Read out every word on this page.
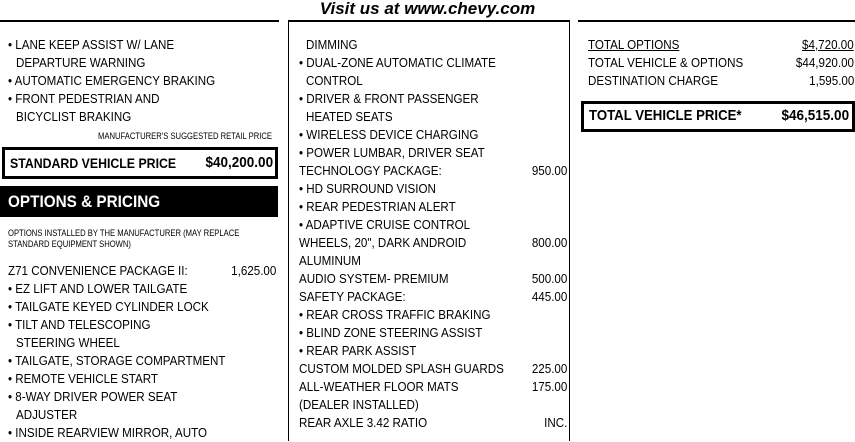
Visit us at www.chevy.com
• LANE KEEP ASSIST W/ LANE
DEPARTURE WARNING
• AUTOMATIC EMERGENCY BRAKING
• FRONT PEDESTRIAN AND
BICYCLIST BRAKING
MANUFACTURER'S SUGGESTED RETAIL PRICE
STANDARD VEHICLE PRICE $40,200.00
OPTIONS & PRICING
OPTIONS INSTALLED BY THE MANUFACTURER (MAY REPLACE
STANDARD EQUIPMENT SHOWN)
Z71 CONVENIENCE PACKAGE II:	1,625.00
• EZ LIFT AND LOWER TAILGATE
• TAILGATE KEYED CYLINDER LOCK
• TILT AND TELESCOPING
STEERING WHEEL
• TAILGATE, STORAGE COMPARTMENT
• REMOTE VEHICLE START
• 8-WAY DRIVER POWER SEAT
ADJUSTER
• INSIDE REARVIEW MIRROR, AUTO
DIMMING
• DUAL-ZONE AUTOMATIC CLIMATE
CONTROL
• DRIVER & FRONT PASSENGER
HEATED SEATS
• WIRELESS DEVICE CHARGING
• POWER LUMBAR, DRIVER SEAT
TECHNOLOGY PACKAGE:	950.00
• HD SURROUND VISION
• REAR PEDESTRIAN ALERT
• ADAPTIVE CRUISE CONTROL
WHEELS, 20", DARK ANDROID	800.00
ALUMINUM
AUDIO SYSTEM- PREMIUM	500.00
SAFETY PACKAGE:	445.00
• REAR CROSS TRAFFIC BRAKING
• BLIND ZONE STEERING ASSIST
• REAR PARK ASSIST
CUSTOM MOLDED SPLASH GUARDS 225.00
ALL-WEATHER FLOOR MATS	175.00
(DEALER INSTALLED)
REAR AXLE 3.42 RATIO	INC.
TOTAL OPTIONS	$4,720.00
TOTAL VEHICLE & OPTIONS	$44,920.00
DESTINATION CHARGE	1,595.00
TOTAL VEHICLE PRICE*	$46,515.00
